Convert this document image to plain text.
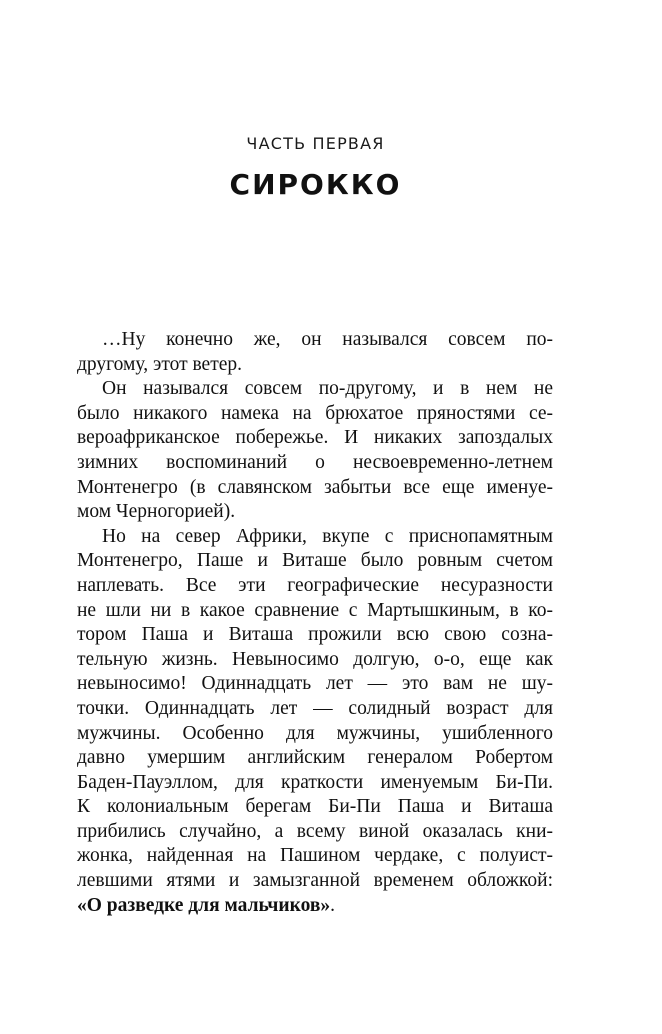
ЧАСТЬ ПЕРВАЯ
СИРОККО
…Ну конечно же, он назывался совсем по-
другому, этот ветер.
Он назывался совсем по-другому, и в нем не
было никакого намека на брюхатое пряностями се-
вероафриканское побережье. И никаких запоздалых
зимних воспоминаний о несвоевременно-летнем
Монтенегро (в славянском забытьи все еще именуе-
мом Черногорией).
Но на север Африки, вкупе с приснопамятным
Монтенегро, Паше и Виташе было ровным счетом
наплевать. Все эти географические несуразности
не шли ни в какое сравнение с Мартышкиным, в ко-
тором Паша и Виташа прожили всю свою созна-
тельную жизнь. Невыносимо долгую, о-о, еще как
невыносимо! Одиннадцать лет — это вам не шу-
точки. Одиннадцать лет — солидный возраст для
мужчины. Особенно для мужчины, ушибленного
давно умершим английским генералом Робертом
Баден-Пауэллом, для краткости именуемым Би-Пи.
К колониальным берегам Би-Пи Паша и Виташа
прибились случайно, а всему виной оказалась кни-
жонка, найденная на Пашином чердаке, с полуист-
левшими ятями и замызганной временем обложкой:
«О разведке для мальчиков».
